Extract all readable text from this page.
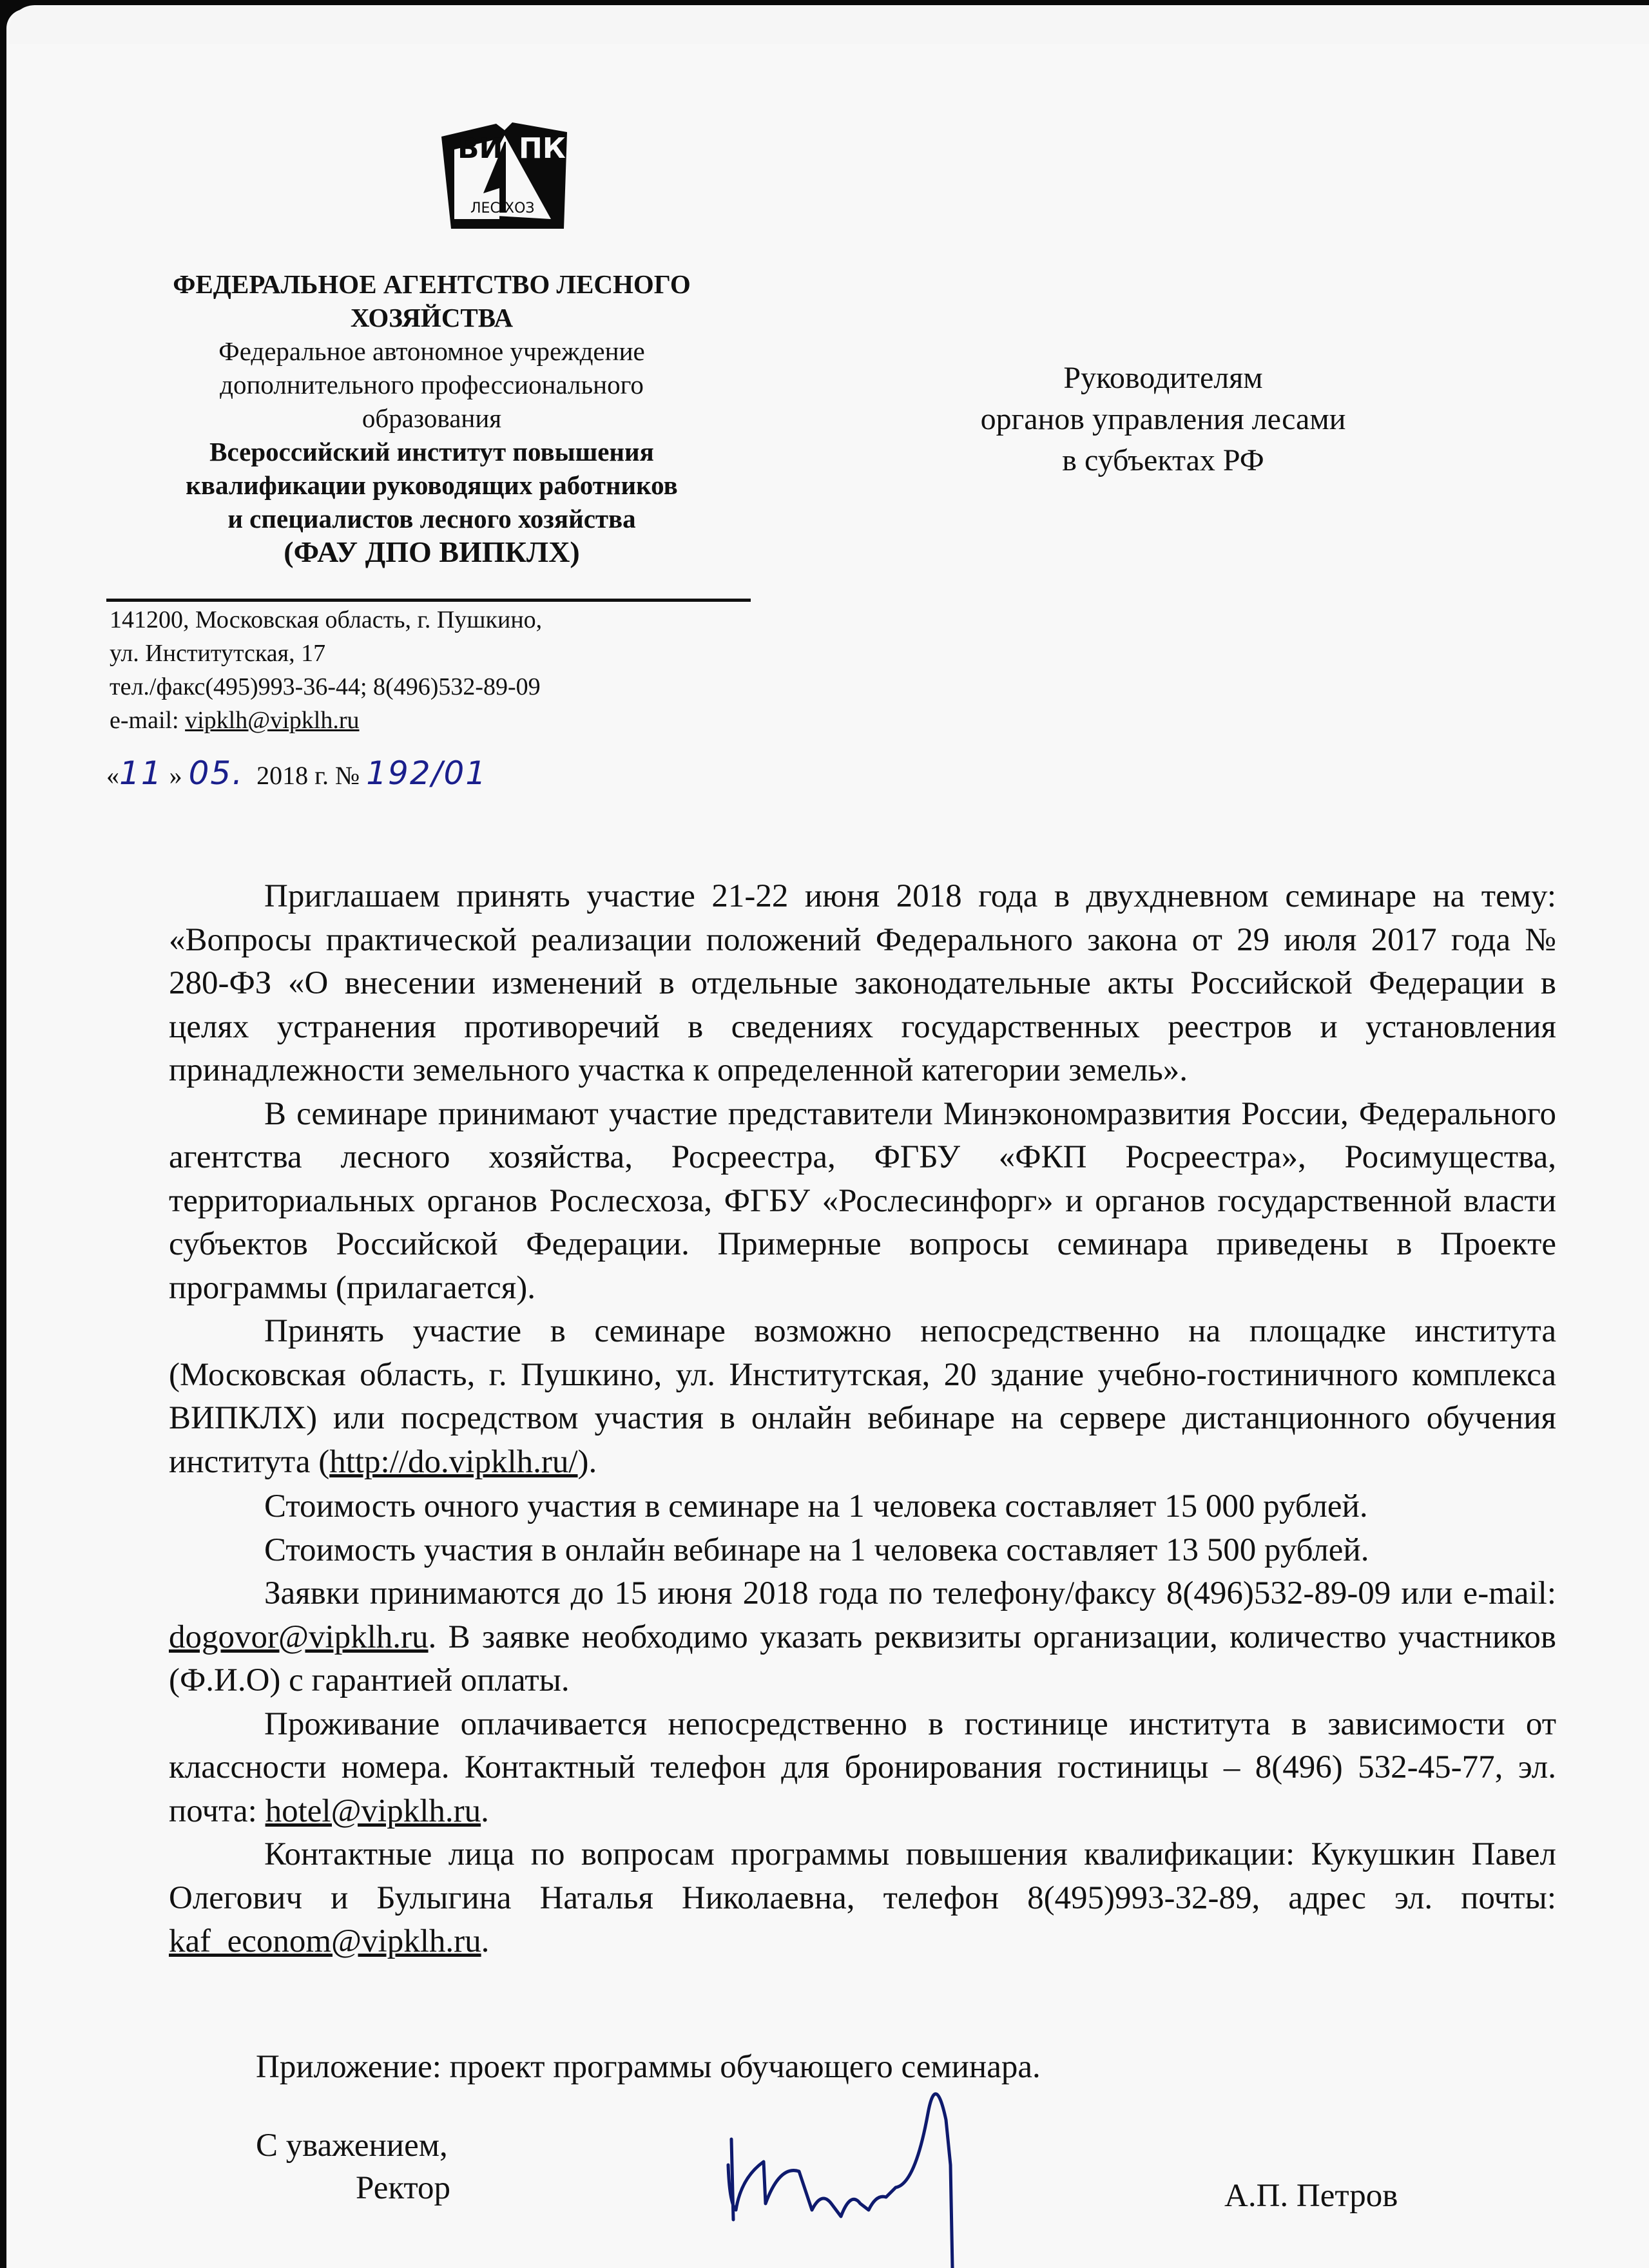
ВИ ПК
ЛЕС ХОЗ
ФЕДЕРАЛЬНОЕ АГЕНТСТВО ЛЕСНОГО
ХОЗЯЙСТВА
Федеральное автономное учреждение
дополнительного профессионального
образования
Всероссийский институт повышения
квалификации руководящих работников
и специалистов лесного хозяйства
(ФАУ ДПО ВИПКЛХ)
141200, Московская область, г. Пушкино,
ул. Институтская, 17
тел./факс(495)993-36-44; 8(496)532-89-09
e-mail: vipklh@vipklh.ru
«11 » 05. 2018 г. № 192/01
Руководителям
органов управления лесами
в субъектах РФ

Приглашаем принять участие 21-22 июня 2018 года в двухдневном семинаре на тему: «Вопросы практической реализации положений Федерального закона от 29 июля 2017 года № 280-ФЗ «О внесении изменений в отдельные законодательные акты Российской Федерации в целях устранения противоречий в сведениях государственных реестров и установления принадлежности земельного участка к определенной категории земель».

В семинаре принимают участие представители Минэкономразвития России, Федерального агентства лесного хозяйства, Росреестра, ФГБУ «ФКП Росреестра», Росимущества, территориальных органов Рослесхоза, ФГБУ «Рослесинфорг» и органов государственной власти субъектов Российской Федерации. Примерные вопросы семинара приведены в Проекте программы (прилагается).

Принять участие в семинаре возможно непосредственно на площадке института (Московская область, г. Пушкино, ул. Институтская, 20 здание учебно-гостиничного комплекса ВИПКЛХ) или посредством участия в онлайн вебинаре на сервере дистанционного обучения института (http://do.vipklh.ru/).

Стоимость очного участия в семинаре на 1 человека составляет 15 000 рублей.

Стоимость участия в онлайн вебинаре на 1 человека составляет 13 500 рублей.

Заявки принимаются до 15 июня 2018 года по телефону/факсу 8(496)532-89-09 или e-mail: dogovor@vipklh.ru. В заявке необходимо указать реквизиты организации, количество участников (Ф.И.О) с гарантией оплаты.

Проживание оплачивается непосредственно в гостинице института в зависимости от классности номера. Контактный телефон для бронирования гостиницы – 8(496) 532-45-77, эл. почта: hotel@vipklh.ru.

Контактные лица по вопросам программы повышения квалификации: Кукушкин Павел Олегович и Булыгина Наталья Николаевна, телефон 8(495)993-32-89, адрес эл. почты: kaf_econom@vipklh.ru.

Приложение: проект программы обучающего семинара.
С уважением,
Ректор	А.П. Петров
